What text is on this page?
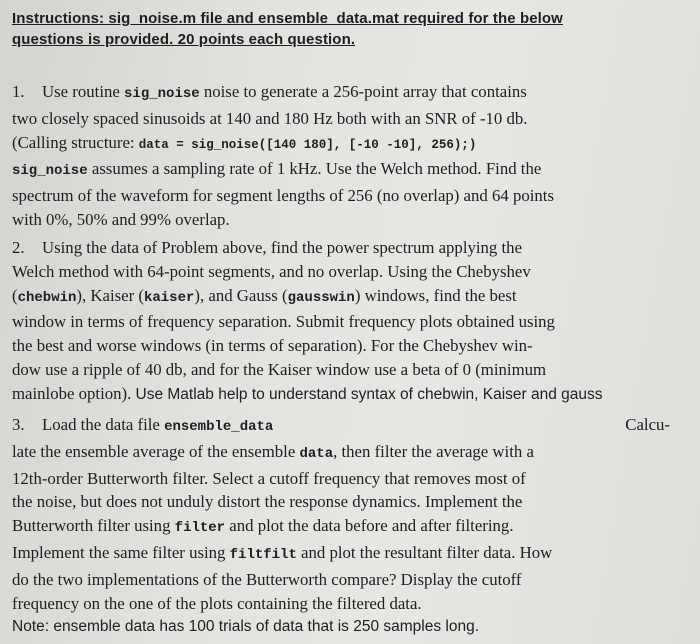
Instructions: sig_noise.m file and ensemble_data.mat required for the below
questions is provided. 20 points each question.
1. Use routine sig_noise noise to generate a 256-point array that contains
two closely spaced sinusoids at 140 and 180 Hz both with an SNR of -10 db.
(Calling structure: data = sig_noise([140 180], [-10 -10], 256);)
sig_noise assumes a sampling rate of 1 kHz. Use the Welch method. Find the
spectrum of the waveform for segment lengths of 256 (no overlap) and 64 points
with 0%, 50% and 99% overlap.
2. Using the data of Problem above, find the power spectrum applying the
Welch method with 64-point segments, and no overlap. Using the Chebyshev
(chebwin), Kaiser (kaiser), and Gauss (gausswin) windows, find the best
window in terms of frequency separation. Submit frequency plots obtained using
the best and worse windows (in terms of separation). For the Chebyshev win-
dow use a ripple of 40 db, and for the Kaiser window use a beta of 0 (minimum
mainlobe option). Use Matlab help to understand syntax of chebwin, Kaiser and gauss
3. Load the data file ensemble_data	Calcu-
late the ensemble average of the ensemble data, then filter the average with a
12th-order Butterworth filter. Select a cutoff frequency that removes most of
the noise, but does not unduly distort the response dynamics. Implement the
Butterworth filter using filter and plot the data before and after filtering.
Implement the same filter using filtfilt and plot the resultant filter data. How
do the two implementations of the Butterworth compare? Display the cutoff
frequency on the one of the plots containing the filtered data.
Note: ensemble data has 100 trials of data that is 250 samples long.
